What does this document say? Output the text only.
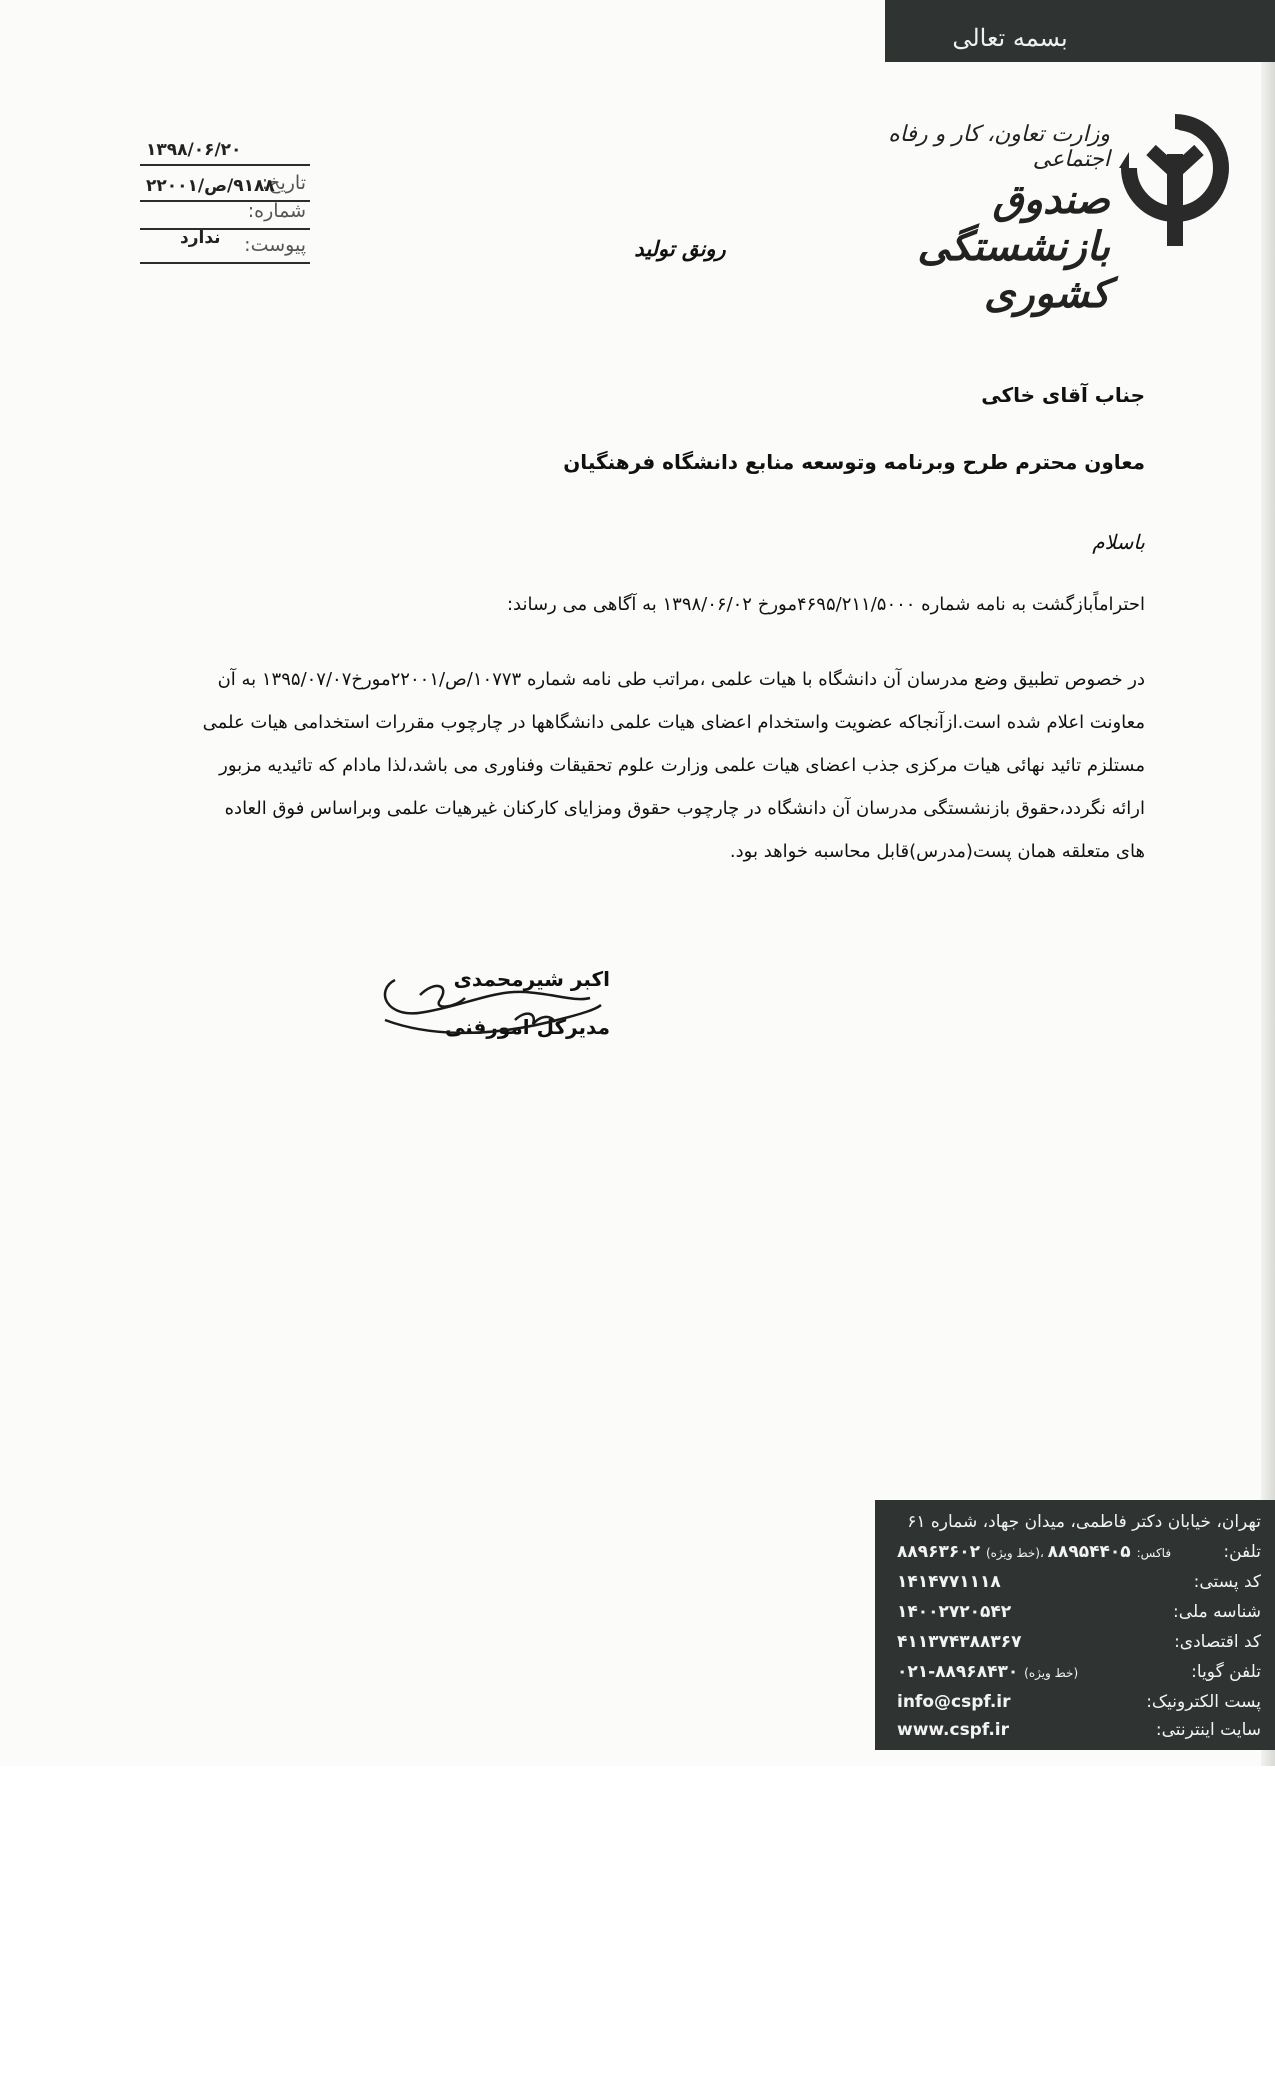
بسمه تعالی
وزارت تعاون، کار و رفاه اجتماعی
صندوق بازنشستگی کشوری
۱۳۹۸/۰۶/۲۰
تاریخ:
۹۱۸۸/ص/۲۲۰۰۱
شماره:
پیوست:
ندارد	رونق تولید
جناب آقای خاکی
معاون محترم طرح وبرنامه وتوسعه منابع دانشگاه فرهنگیان
باسلام
احتراماًبازگشت به نامه شماره ۴۶۹۵/۲۱۱/۵۰۰۰مورخ ۱۳۹۸/۰۶/۰۲ به آگاهی می رساند:
در خصوص تطبیق وضع مدرسان آن دانشگاه با هیات علمی ،مراتب طی نامه شماره ۱۰۷۷۳/ص/۲۲۰۰۱مورخ۱۳۹۵/۰۷/۰۷ به آن معاونت اعلام شده است.ازآنجاکه عضویت واستخدام اعضای هیات علمی دانشگاهها در چارچوب مقررات استخدامی هیات علمی مستلزم تائید نهائی هیات مرکزی جذب اعضای هیات علمی وزارت علوم تحقیقات وفناوری می باشد،لذا مادام که تائیدیه مزبور ارائه نگردد،حقوق بازنشستگی مدرسان آن دانشگاه در چارچوب حقوق ومزایای کارکنان غیرهیات علمی وبراساس فوق العاده های متعلقه همان پست(مدرس)قابل محاسبه خواهد بود.
اکبر شیرمحمدی
مدیرکل امورفنی
تهران، خیابان دکتر فاطمی، میدان جهاد، شماره ۶۱
تلفن:
۸۸۹۶۳۶۰۲ (خط ویژه)، فاکس: ۸۸۹۵۴۴۰۵
کد پستی:
۱۴۱۴۷۷۱۱۱۸
شناسه ملی:
۱۴۰۰۲۷۲۰۵۴۲
کد اقتصادی:
۴۱۱۳۷۴۳۸۸۳۶۷
تلفن گویا:
۰۲۱-۸۸۹۶۸۴۳۰ (خط ویژه)
پست الکترونیک:
info@cspf.ir
سایت اینترنتی:
www.cspf.ir
